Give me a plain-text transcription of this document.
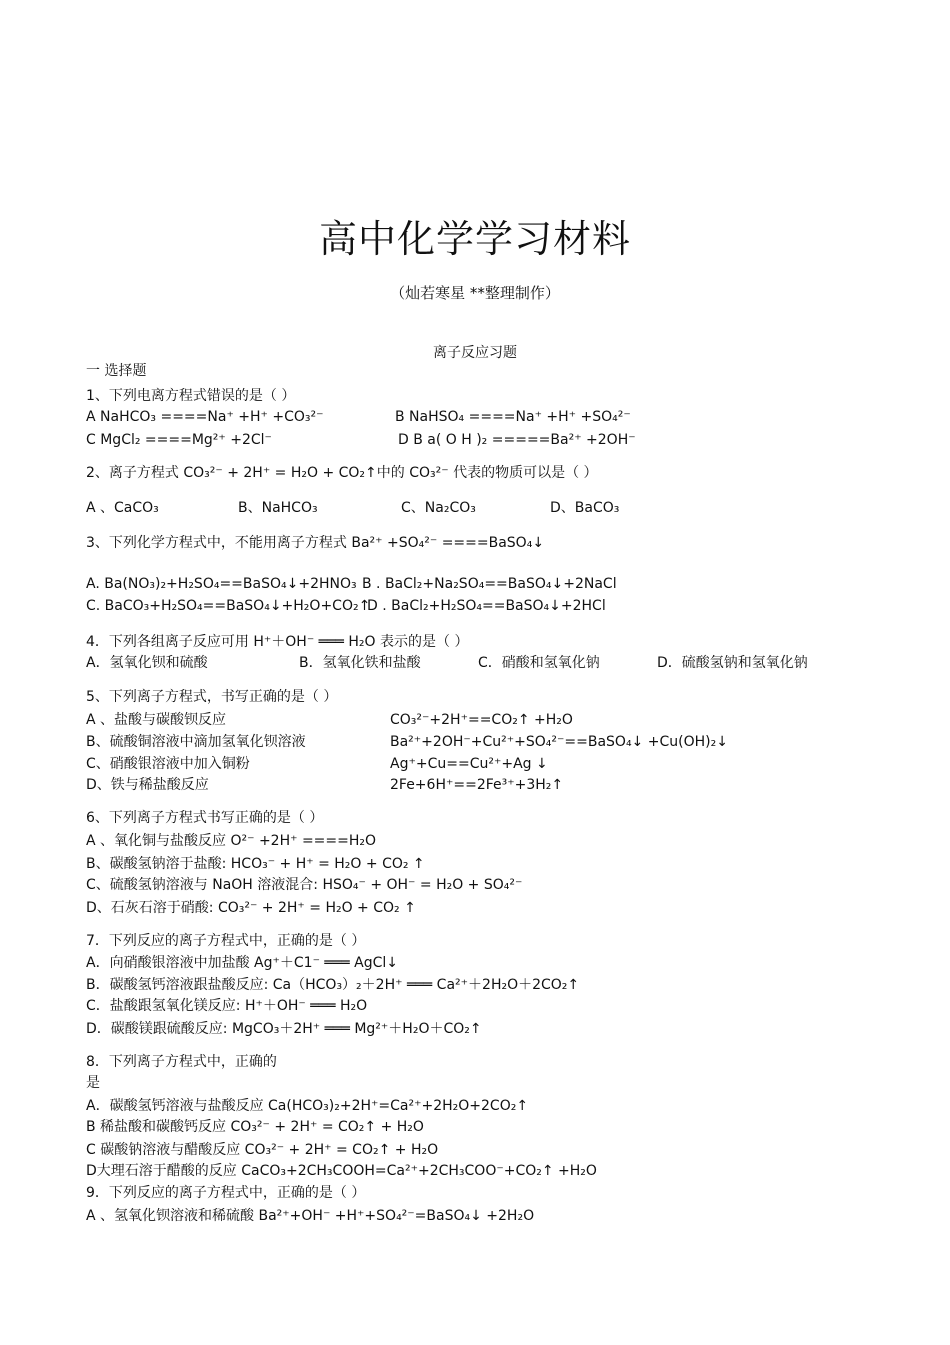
高中化学学习材料
（灿若寒星 **整理制作）
离子反应习题
一 选择题
1、下列电离方程式错误的是（ ）
A NaHCO₃ ====Na⁺ +H⁺ +CO₃²⁻	B NaHSO₄ ====Na⁺ +H⁺ +SO₄²⁻
C MgCl₂ ====Mg²⁺ +2Cl⁻	D B a( O H )₂ =====Ba²⁺ +2OH⁻
2、离子方程式 CO₃²⁻ + 2H⁺ = H₂O + CO₂↑中的 CO₃²⁻ 代表的物质可以是（ ）
A 、CaCO₃	B、NaHCO₃	C、Na₂CO₃	D、BaCO₃
3、下列化学方程式中，不能用离子方程式 Ba²⁺ +SO₄²⁻ ====BaSO₄↓
A. Ba(NO₃)₂+H₂SO₄==BaSO₄↓+2HNO₃ B . BaCl₂+Na₂SO₄==BaSO₄↓+2NaCl
C. BaCO₃+H₂SO₄==BaSO₄↓+H₂O+CO₂↑
D . BaCl₂+H₂SO₄==BaSO₄↓+2HCl
4．下列各组离子反应可用 H⁺＋OH⁻ ═══ H₂O 表示的是（ ）
A．氢氧化钡和硫酸	B．氢氧化铁和盐酸	C．硝酸和氢氧化钠	D．硫酸氢钠和氢氧化钠
5、下列离子方程式，书写正确的是（ ）
A 、盐酸与碳酸钡反应	CO₃²⁻+2H⁺==CO₂↑ +H₂O
B、硫酸铜溶液中滴加氢氧化钡溶液	Ba²⁺+2OH⁻+Cu²⁺+SO₄²⁻==BaSO₄↓ +Cu(OH)₂↓
C、硝酸银溶液中加入铜粉	Ag⁺+Cu==Cu²⁺+Ag ↓
D、铁与稀盐酸反应	2Fe+6H⁺==2Fe³⁺+3H₂↑
6、下列离子方程式书写正确的是（ ）
A 、氧化铜与盐酸反应 O²⁻ +2H⁺ ====H₂O
B、碳酸氢钠溶于盐酸: HCO₃⁻ + H⁺ = H₂O + CO₂ ↑
C、硫酸氢钠溶液与 NaOH 溶液混合: HSO₄⁻ + OH⁻ = H₂O + SO₄²⁻
D、石灰石溶于硝酸: CO₃²⁻ + 2H⁺ = H₂O + CO₂ ↑
7．下列反应的离子方程式中，正确的是（ ）
A．向硝酸银溶液中加盐酸 Ag⁺＋C1⁻ ═══ AgCl↓
B．碳酸氢钙溶液跟盐酸反应: Ca（HCO₃）₂＋2H⁺ ═══ Ca²⁺＋2H₂O＋2CO₂↑
C．盐酸跟氢氧化镁反应: H⁺＋OH⁻ ═══ H₂O
D．碳酸镁跟硫酸反应: MgCO₃＋2H⁺ ═══ Mg²⁺＋H₂O＋CO₂↑
8．下列离子方程式中，正确的
是
A．碳酸氢钙溶液与盐酸反应 Ca(HCO₃)₂+2H⁺=Ca²⁺+2H₂O+2CO₂↑
B 稀盐酸和碳酸钙反应 CO₃²⁻ + 2H⁺ = CO₂↑ + H₂O
C 碳酸钠溶液与醋酸反应 CO₃²⁻ + 2H⁺ = CO₂↑ + H₂O
D大理石溶于醋酸的反应 CaCO₃+2CH₃COOH=Ca²⁺+2CH₃COO⁻+CO₂↑ +H₂O
9．下列反应的离子方程式中，正确的是（ ）
A 、氢氧化钡溶液和稀硫酸 Ba²⁺+OH⁻ +H⁺+SO₄²⁻=BaSO₄↓ +2H₂O
